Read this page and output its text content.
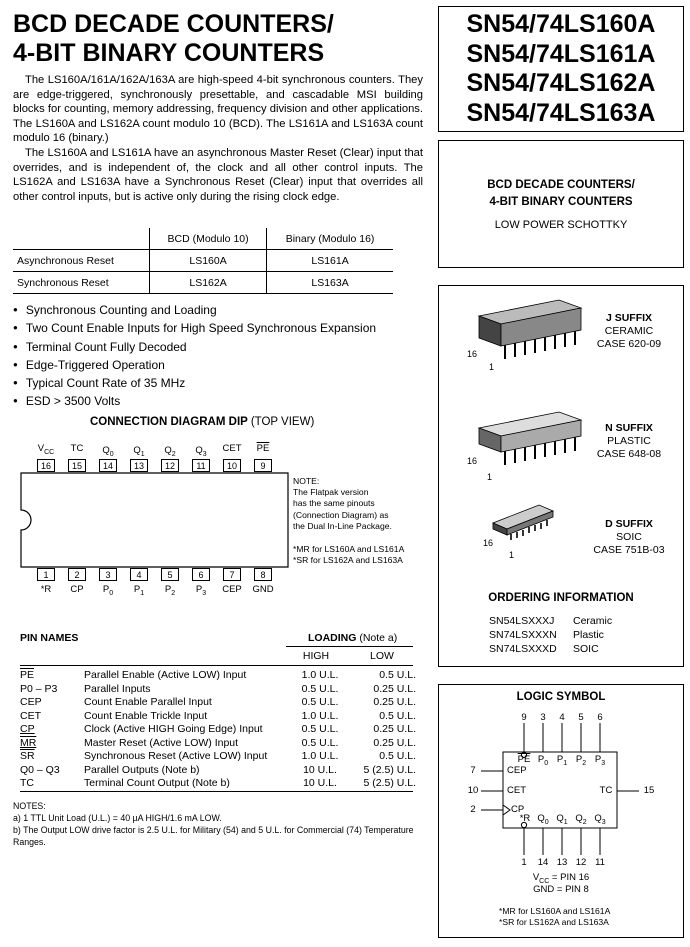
BCD DECADE COUNTERS/
4-BIT BINARY COUNTERS

The LS160A/161A/162A/163A are high-speed 4-bit synchronous counters. They are edge-triggered, synchronously presettable, and cascadable MSI building blocks for counting, memory addressing, frequency division and other applications. The LS160A and LS162A count modulo 10 (BCD). The LS161A and LS163A count modulo 16 (binary.)

The LS160A and LS161A have an asynchronous Master Reset (Clear) input that overrides, and is independent of, the clock and all other control inputs. The LS162A and LS163A have a Synchronous Reset (Clear) input that overrides all other control inputs, but is active only during the rising clock edge.

	BCD (Modulo 10)	Binary (Modulo 16)
Asynchronous Reset	LS160A	LS161A
Synchronous Reset	LS162A	LS163A
● Synchronous Counting and Loading
● Two Count Enable Inputs for High Speed Synchronous Expansion
● Terminal Count Fully Decoded
● Edge-Triggered Operation
● Typical Count Rate of 35 MHz
● ESD > 3500 Volts
CONNECTION DIAGRAM DIP (TOP VIEW)
$V_{CC}$	TC	$Q_0$	$Q_1$	$Q_2$	$Q_3$
CET	$\overline{PE}$
16	15	14	13	12	11	10	9
1	2	3	4	5	6	7	8
*R	CP	$P_0$	$P_1$	$P_2$	$P_3$	CEP	GND
NOTE:
The Flatpak version
has the same pinouts
(Connection Diagram) as
the Dual In-Line Package.
*MR for LS160A and LS161A
*SR for LS162A and LS163A
PIN NAMES	LOADING (Note a)
HIGH	LOW
$\overline{PE}$	Parallel Enable (Active LOW) Input	1.0 U.L.	0.5 U.L.
P0 – P3	Parallel Inputs	0.5 U.L.	0.25 U.L.
CEP	Count Enable Parallel Input	0.5 U.L.	0.25 U.L.
CET	Count Enable Trickle Input	1.0 U.L.	0.5 U.L.
CP	Clock (Active HIGH Going Edge) Input	0.5 U.L.	0.25 U.L.
MR	Master Reset (Active LOW) Input	0.5 U.L.	0.25 U.L.
$\overline{SR}$	Synchronous Reset (Active LOW) Input	1.0 U.L.	0.5 U.L.
Q0 – Q3	Parallel Outputs (Note b)	10 U.L.	5 (2.5) U.L.
TC	Terminal Count Output (Note b)	10 U.L.	5 (2.5) U.L.
NOTES:
a) 1 TTL Unit Load (U.L.) = 40 µA HIGH/1.6 mA LOW.
b) The Output LOW drive factor is 2.5 U.L. for Military (54) and 5 U.L. for Commercial (74) Temperature Ranges.
SN54/74LS160A
SN54/74LS161A
SN54/74LS162A
SN54/74LS163A
BCD DECADE COUNTERS/
4-BIT BINARY COUNTERS
LOW POWER SCHOTTKY
16
1
J SUFFIX
CERAMIC
CASE 620-09
16
1
N SUFFIX
PLASTIC
CASE 648-08
16
1
D SUFFIX
SOIC
CASE 751B-03
ORDERING INFORMATION
SN54LSXXXJ Ceramic
SN74LSXXXN Plastic
SN74LSXXXD SOIC
LOGIC SYMBOL
9	3	4	5	6
$\overline{PE}$ $P_0$ $P_1$ $P_2$ $P_3$
7
10
2
CEP
CET
CP
TC	15
*R $Q_0$ $Q_1$ $Q_2$ $Q_3$
1	14 13 12 11
$V_{CC}$ = PIN 16
GND = PIN 8
*MR for LS160A and LS161A
*SR for LS162A and LS163A
